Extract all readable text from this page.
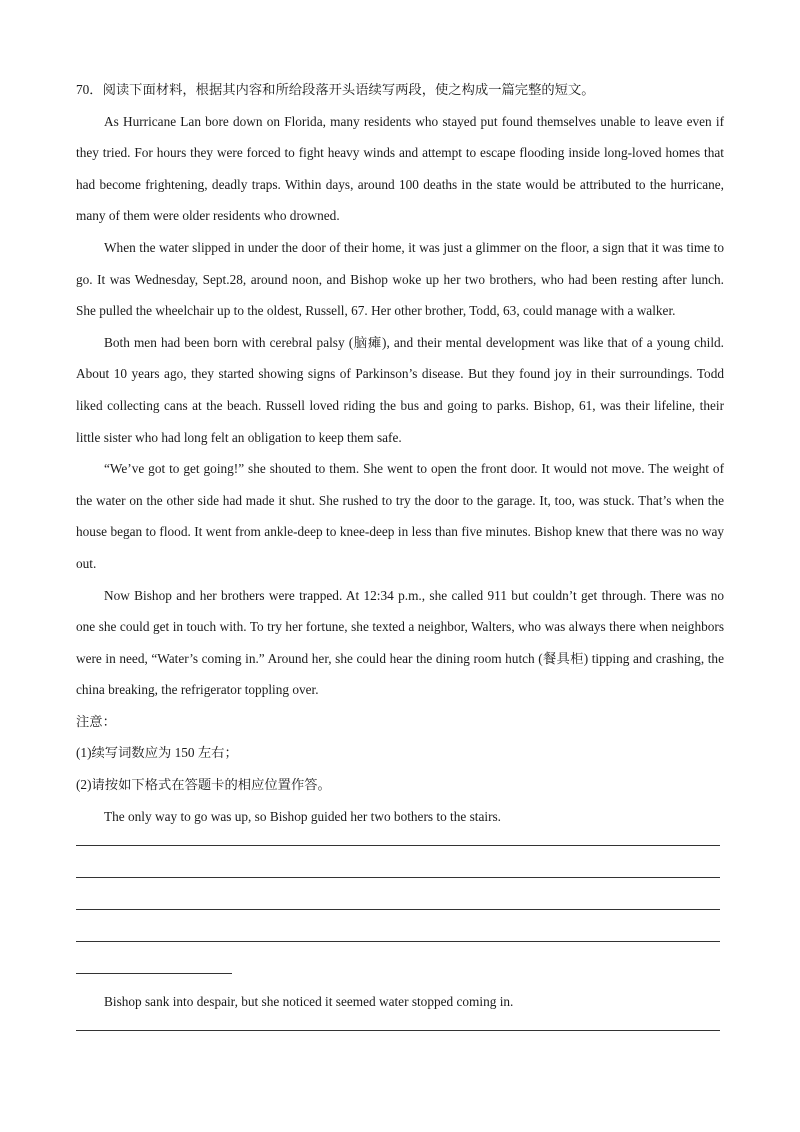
70．阅读下面材料，根据其内容和所给段落开头语续写两段，使之构成一篇完整的短文。

As Hurricane Lan bore down on Florida, many residents who stayed put found themselves unable to leave even if they tried. For hours they were forced to fight heavy winds and attempt to escape flooding inside long-loved homes that had become frightening, deadly traps. Within days, around 100 deaths in the state would be attributed to the hurricane, many of them were older residents who drowned.

When the water slipped in under the door of their home, it was just a glimmer on the floor, a sign that it was time to go. It was Wednesday, Sept.28, around noon, and Bishop woke up her two brothers, who had been resting after lunch. She pulled the wheelchair up to the oldest, Russell, 67. Her other brother, Todd, 63, could manage with a walker.

Both men had been born with cerebral palsy (脑瘫), and their mental development was like that of a young child. About 10 years ago, they started showing signs of Parkinson’s disease. But they found joy in their surroundings. Todd liked collecting cans at the beach. Russell loved riding the bus and going to parks. Bishop, 61, was their lifeline, their little sister who had long felt an obligation to keep them safe.

“We’ve got to get going!” she shouted to them. She went to open the front door. It would not move. The weight of the water on the other side had made it shut. She rushed to try the door to the garage. It, too, was stuck. That’s when the house began to flood. It went from ankle-deep to knee-deep in less than five minutes. Bishop knew that there was no way out.

Now Bishop and her brothers were trapped. At 12:34 p.m., she called 911 but couldn’t get through. There was no one she could get in touch with. To try her fortune, she texted a neighbor, Walters, who was always there when neighbors were in need, “Water’s coming in.” Around her, she could hear the dining room hutch (餐具柜) tipping and crashing, the china breaking, the refrigerator toppling over.

注意：
(1)续写词数应为 150 左右；
(2)请按如下格式在答题卡的相应位置作答。

The only way to go was up, so Bishop guided her two bothers to the stairs.

Bishop sank into despair, but she noticed it seemed water stopped coming in.
